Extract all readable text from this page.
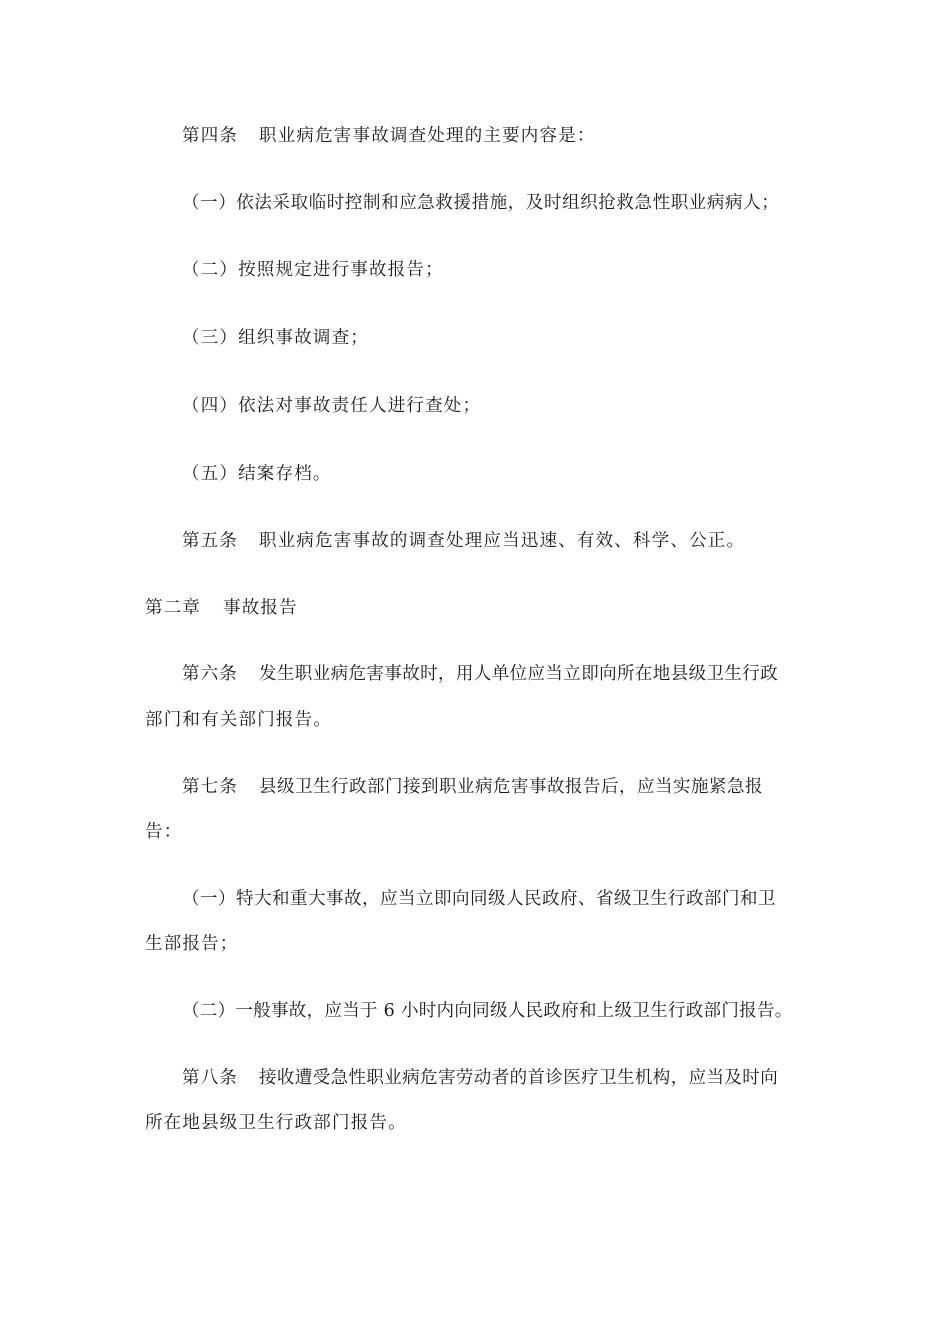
第四条 职业病危害事故调查处理的主要内容是：
（一）依法采取临时控制和应急救援措施，及时组织抢救急性职业病病人；
（二）按照规定进行事故报告；
（三）组织事故调查；
（四）依法对事故责任人进行查处；
（五）结案存档。
第五条 职业病危害事故的调查处理应当迅速、有效、科学、公正。
第二章 事故报告
第六条 发生职业病危害事故时，用人单位应当立即向所在地县级卫生行政
部门和有关部门报告。
第七条 县级卫生行政部门接到职业病危害事故报告后，应当实施紧急报
告：
（一）特大和重大事故，应当立即向同级人民政府、省级卫生行政部门和卫
生部报告；
（二）一般事故，应当于 6 小时内向同级人民政府和上级卫生行政部门报告。
第八条 接收遭受急性职业病危害劳动者的首诊医疗卫生机构，应当及时向
所在地县级卫生行政部门报告。
